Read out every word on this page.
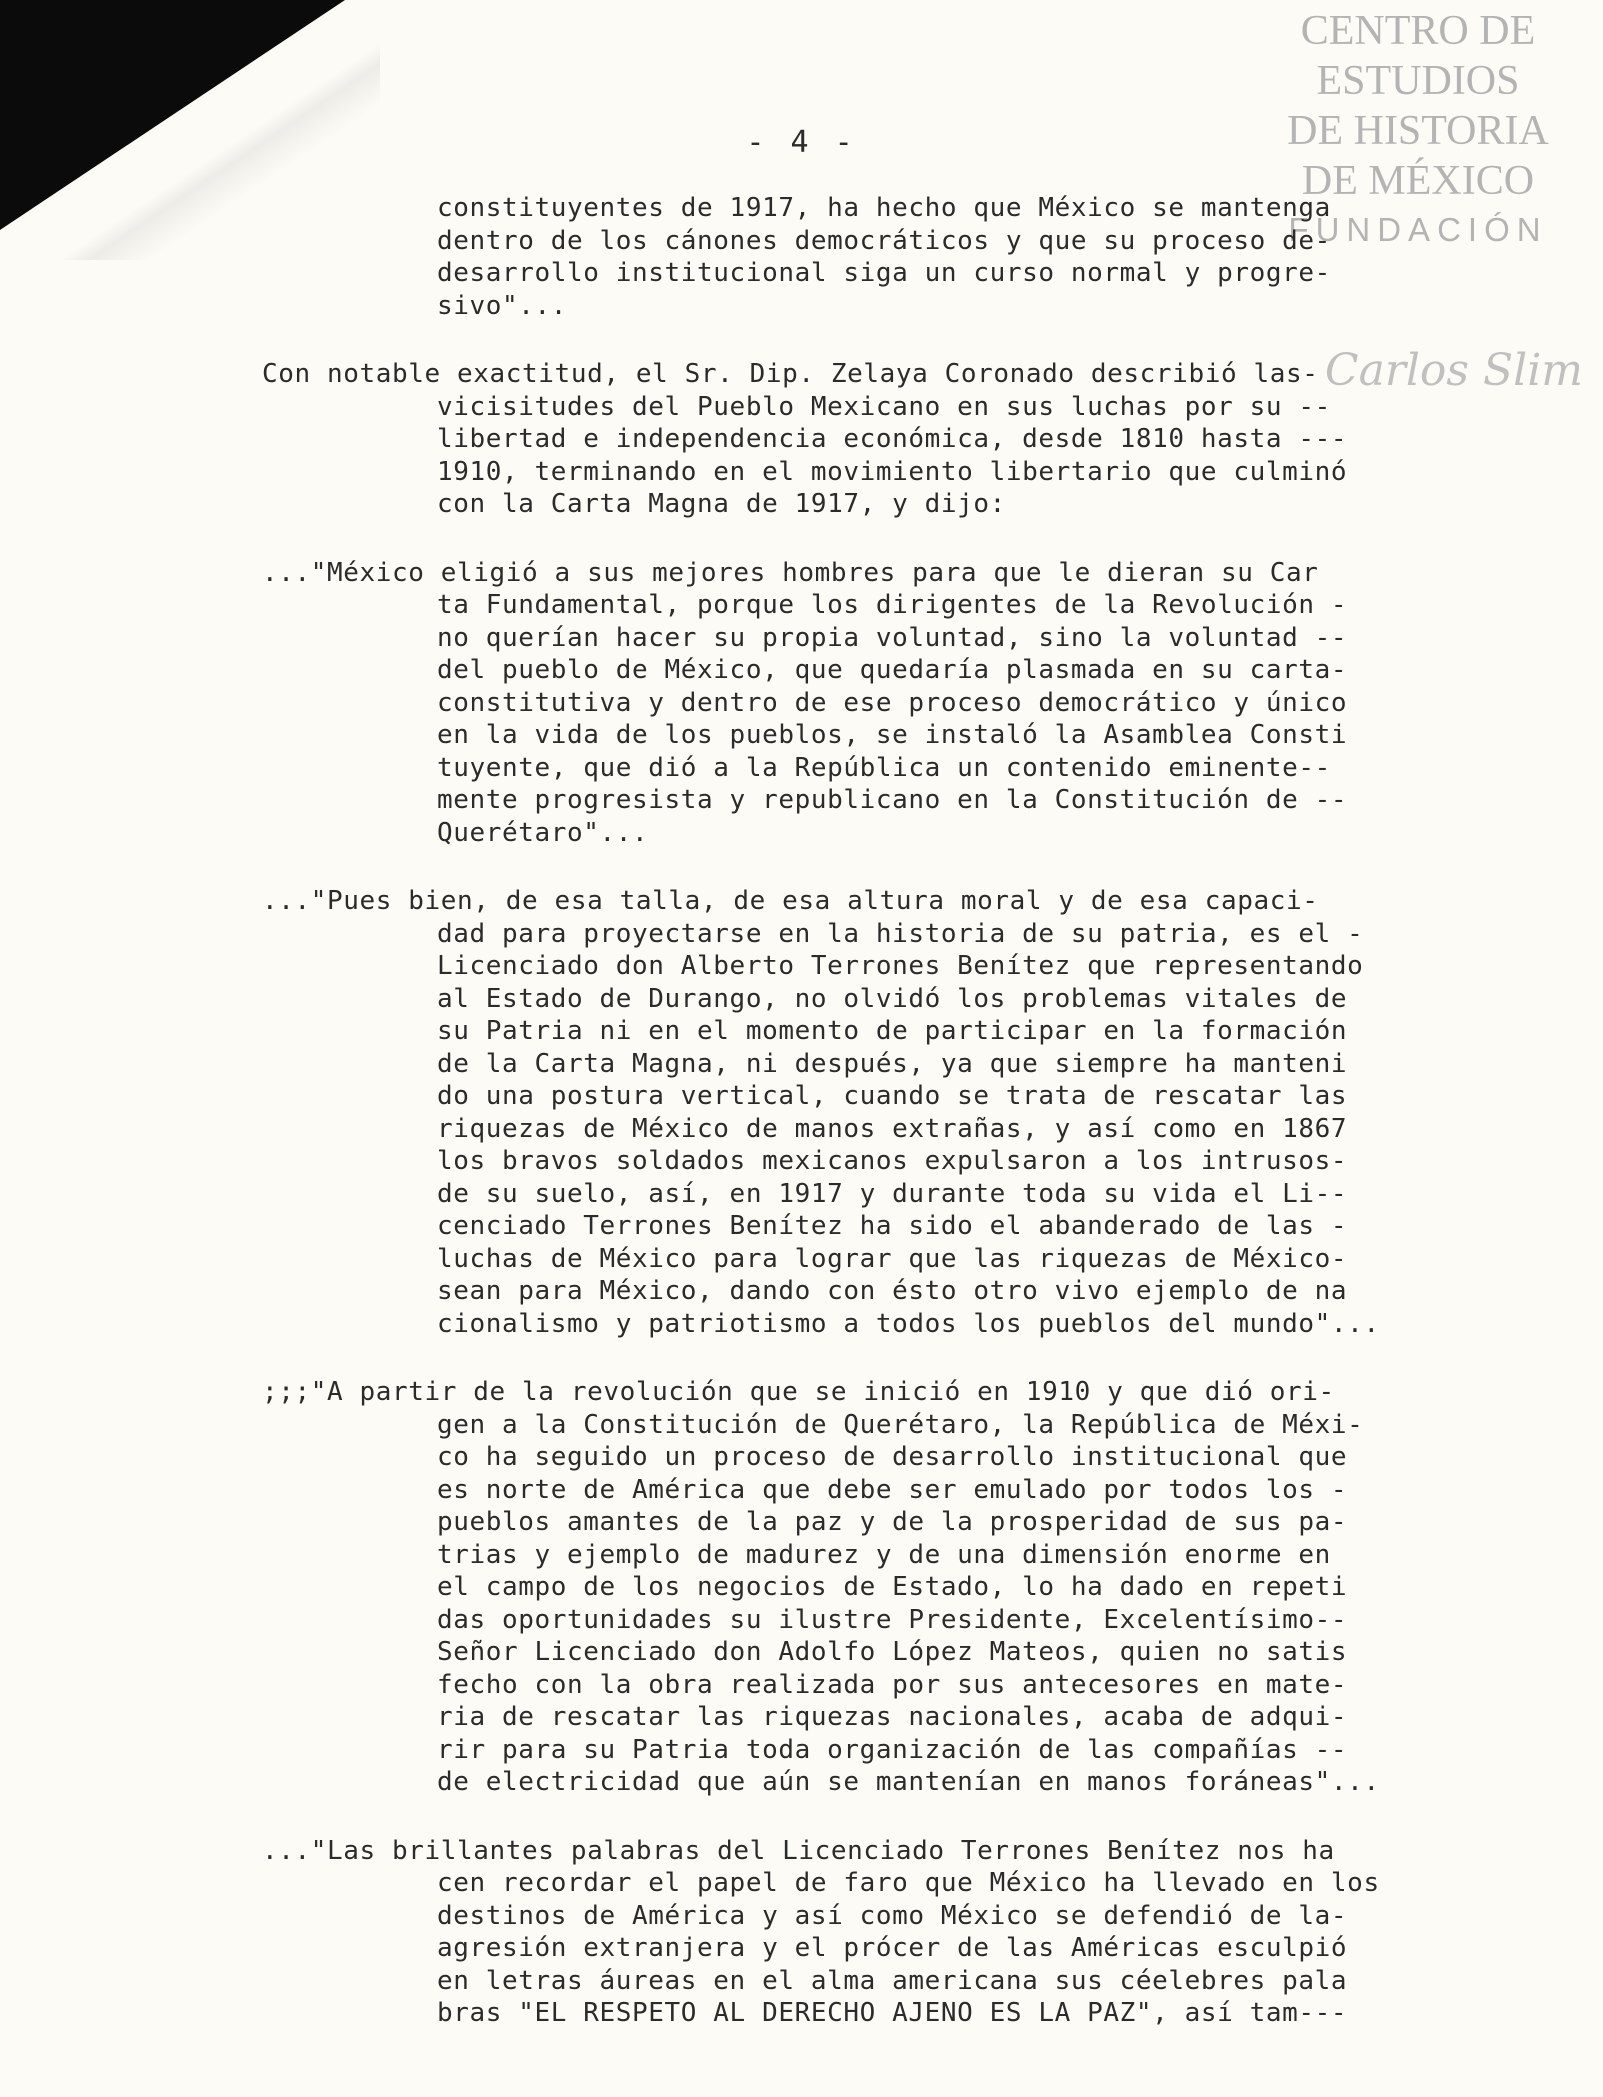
CENTRO DE
ESTUDIOS
DE HISTORIA
DE MÉXICO
FUNDACIÓN
Carlos Slim
- 4 -
constituyentes de 1917, ha hecho que México se mantenga
dentro de los cánones democráticos y que su proceso de-
desarrollo institucional siga un curso normal y progre-
sivo"...
Con notable exactitud, el Sr. Dip. Zelaya Coronado describió las-
vicisitudes del Pueblo Mexicano en sus luchas por su --
libertad e independencia económica, desde 1810 hasta ---
1910, terminando en el movimiento libertario que culminó
con la Carta Magna de 1917, y dijo:
..."México eligió a sus mejores hombres para que le dieran su Car
ta Fundamental, porque los dirigentes de la Revolución -
no querían hacer su propia voluntad, sino la voluntad --
del pueblo de México, que quedaría plasmada en su carta-
constitutiva y dentro de ese proceso democrático y único
en la vida de los pueblos, se instaló la Asamblea Consti
tuyente, que dió a la República un contenido eminente--
mente progresista y republicano en la Constitución de --
Querétaro"...
..."Pues bien, de esa talla, de esa altura moral y de esa capaci-
dad para proyectarse en la historia de su patria, es el -
Licenciado don Alberto Terrones Benítez que representando
al Estado de Durango, no olvidó los problemas vitales de
su Patria ni en el momento de participar en la formación
de la Carta Magna, ni después, ya que siempre ha manteni
do una postura vertical, cuando se trata de rescatar las
riquezas de México de manos extrañas, y así como en 1867
los bravos soldados mexicanos expulsaron a los intrusos-
de su suelo, así, en 1917 y durante toda su vida el Li--
cenciado Terrones Benítez ha sido el abanderado de las -
luchas de México para lograr que las riquezas de México-
sean para México, dando con ésto otro vivo ejemplo de na
cionalismo y patriotismo a todos los pueblos del mundo"...
;;;"A partir de la revolución que se inició en 1910 y que dió ori-
gen a la Constitución de Querétaro, la República de Méxi-
co ha seguido un proceso de desarrollo institucional que
es norte de América que debe ser emulado por todos los -
pueblos amantes de la paz y de la prosperidad de sus pa-
trias y ejemplo de madurez y de una dimensión enorme en
el campo de los negocios de Estado, lo ha dado en repeti
das oportunidades su ilustre Presidente, Excelentísimo--
Señor Licenciado don Adolfo López Mateos, quien no satis
fecho con la obra realizada por sus antecesores en mate-
ria de rescatar las riquezas nacionales, acaba de adqui-
rir para su Patria toda organización de las compañías --
de electricidad que aún se mantenían en manos foráneas"...
..."Las brillantes palabras del Licenciado Terrones Benítez nos ha
cen recordar el papel de faro que México ha llevado en los
destinos de América y así como México se defendió de la-
agresión extranjera y el prócer de las Américas esculpió
en letras áureas en el alma americana sus céelebres pala
bras "EL RESPETO AL DERECHO AJENO ES LA PAZ", así tam---
